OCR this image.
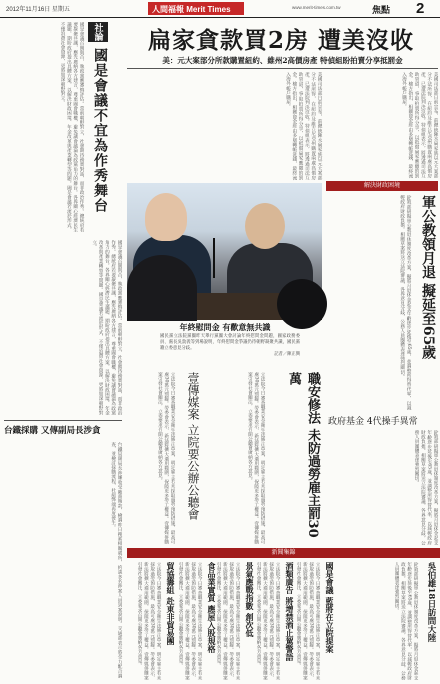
2012年11月16日 星期五	人間福報 Merit Times	www.merit-times.com.tw	焦點 2
國是會議召開與否，執政黨應審慎評估。當前朝野對立，社會期待務實對話，而非政治作秀。總統府若要凝聚共識，應先廣納各方建言，尊重國會職權，避免讓會議淪為政黨角力的舞台。各界關心經濟民生議題，期盼政府提出具體方案，以解決財政困境、年金改革與產業轉型等問題。國是會議若流於形式，不僅浪費社會資源，更將加深朝野對立。	社論
國是會議不宜為作秀舞台
國是會議召開與否，執政黨應審慎評估。當前朝野對立，社會期待務實對話，而非政治作秀。總統府若要凝聚共識，應先廣納各方建言，尊重國會職權，避免讓會議淪為政黨角力的舞台。各界關心經濟民生議題，期盼政府提出具體方案，以解決財政困境、年金改革與產業轉型等問題。國是會議若流於形式，不僅浪費社會資源，更將加深朝野對立。
台鐵採購 又傳副局長涉貪
台鐵局副局長涉嫌收受廠商賄款，檢調昨日搜索相關處所，約談多名涉案人員到案說明。交通部表示將全力配合調查，並檢討採購流程，杜絕弊端再度發生。
扁家貪款買2房 遭美沒收
美：元大案部分所款購置紐約、維州2高價房產 特偵組盼拍賣分享抵罰金
美國司法部日前宣布，前總統陳水扁家族以元大案部分不法所得，在紐約及維吉尼亞州購置兩處高價房產，已遭法院判決沒收。特偵組表示，將透過司法互助管道，爭取拍賣所得分享，以抵償扁家應繳的罰金。檢方指出，相關資金經由多層轉帳洗錢，最終流入海外帳戶購屋。
年終慰問金 有歡意無共識
國民黨立法院黨團昨天舉行黨團大會討論年終慰問金問題，國家政務委員、處長吳敦義等到場說明，年終慰問金爭議仍待朝野凝聚共識，國民黨籍立委意見分歧。
記者／陳正興
美國司法部日前宣布，前總統陳水扁家族以元大案部分不法所得，在紐約及維吉尼亞州購置兩處高價房產，已遭法院判決沒收。特偵組表示，將透過司法互助管道，爭取拍賣所得分享，以抵償扁家應繳的罰金。檢方指出，相關資金經由多層轉帳洗錢，最終流入海外帳戶購屋。
解決財政困境
軍公教領月退 擬延至65歲
銓敘部研擬軍公教退休制度改革方案，擬將月退休金起支年齡逐步延後至65歲，並調整所得替代率，以減輕政府財政負擔。相關草案將送立法院審議，各界意見分歧，公務人員團體表達強烈關切。
政府基金 4代操手異常
銓敘部研擬軍公教退休制度改革方案，擬將月退休金起支年齡逐步延後至65歲，並調整所得替代率，以減輕政府財政負擔。相關草案將送立法院審議，各界意見分歧，公務人員團體表達強烈關切。
立法院今日審查職業安全衛生法修正草案，明定雇主若未採取過勞預防措施，最高可處30萬元罰鍰。勞委會表示，新法將擴大適用範圍，保障更多勞工權益。壹傳媒併購案引發社會關注，立委要求召開公聽會廣納各方意見。	壹傳媒案 立院要公辦公聽會	立法院今日審查職業安全衛生法修正草案，明定雇主若未採取過勞預防措施，最高可處30萬元罰鍰。勞委會表示，新法將擴大適用範圍，保障更多勞工權益。壹傳媒併購案引發社會關注，立委要求召開公聽會廣納各方意見。	職安修法 未防過勞雇主罰30萬
新聞集錦
立法院今日審查職業安全衛生法修正草案，明定雇主若未採取過勞預防措施，最高可處30萬元罰鍰。勞委會表示，新法將擴大適用範圍，保障更多勞工權益。壹傳媒併購案引發社會關注，立委要求召開公聽會廣納各方意見。	貿協籌組 赴東非貿易團	立法院今日審查職業安全衛生法修正草案，明定雇主若未採取過勞預防措施，最高可處30萬元罰鍰。勞委會表示，新法將擴大適用範圍，保障更多勞工權益。壹傳媒併購案引發社會關注，立委要求召開公聽會廣納各方意見。	食品業實質 應屋入股規格	立法院今日審查職業安全衛生法修正草案，明定雇主若未採取過勞預防措施，最高可處30萬元罰鍰。勞委會表示，新法將擴大適用範圍，保障更多勞工權益。壹傳媒併購案引發社會關注，立委要求召開公聽會廣納各方意見。	景氣應戰指數 創次低	立法院今日審查職業安全衛生法修正草案，明定雇主若未採取過勞預防措施，最高可處30萬元罰鍰。勞委會表示，新法將擴大適用範圍，保障更多勞工權益。壹傳媒併購案引發社會關注，立委要求召開公聽會廣納各方意見。	酒類廣告 將增禁酒止駕警語	立法院今日審查職業安全衛生法修正草案，明定雇主若未採取過勞預防措施，最高可處30萬元罰鍰。勞委會表示，新法將擴大適用範圍，保障更多勞工權益。壹傳媒併購案引發社會關注，立委要求召開公聽會廣納各方意見。	國是會議 藍將在立院提案	銓敘部研擬軍公教退休制度改革方案，擬將月退休金起支年齡逐步延後至65歲，並調整所得替代率，以減輕政府財政負擔。相關草案將送立法院審議，各界意見分歧，公務人員團體表達強烈關切。	吳伯雄18日訪問大陸
